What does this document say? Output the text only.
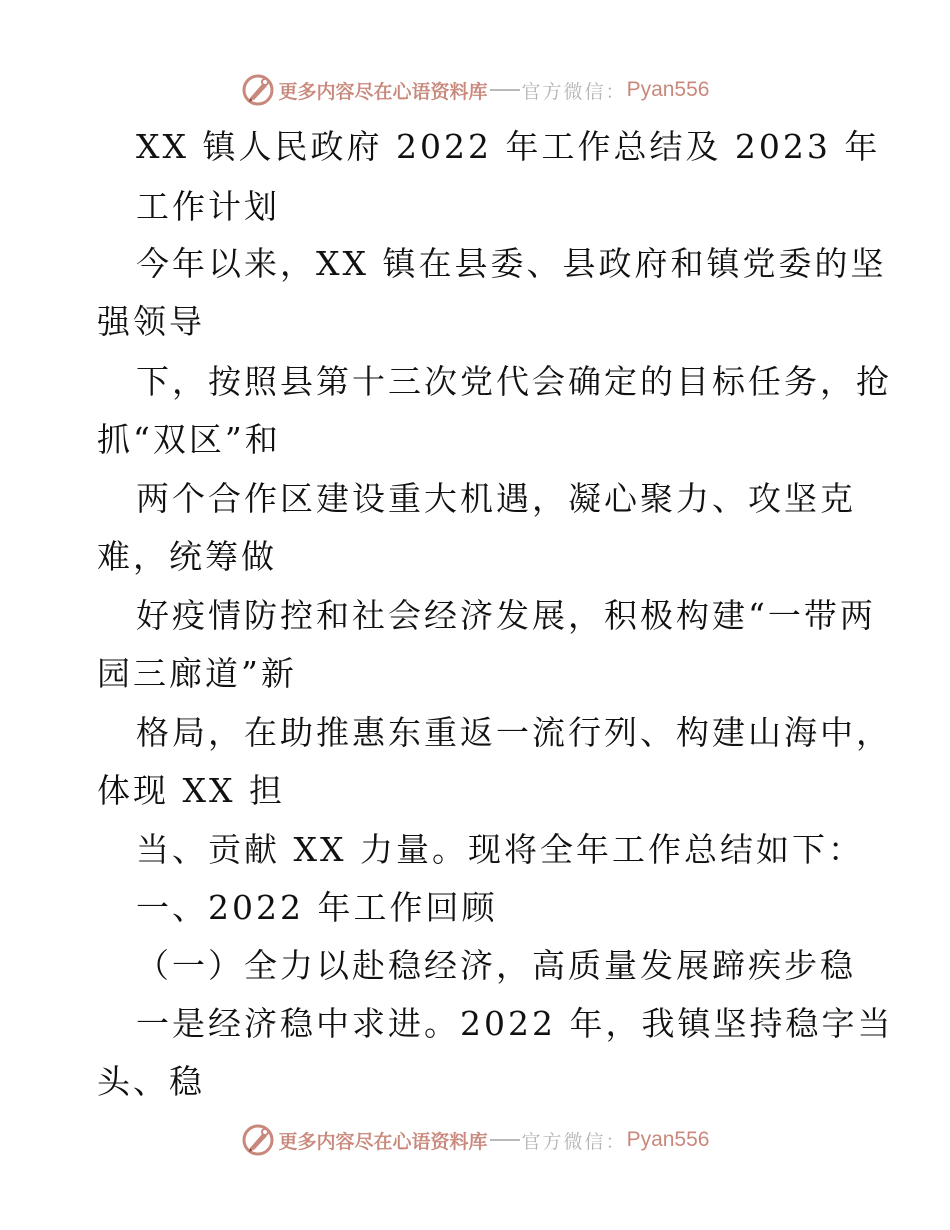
更多内容尽在心语资料库 官方微信： Pyan556
XX 镇人民政府 2022 年工作总结及 2023 年
工作计划
今年以来，XX 镇在县委、县政府和镇党委的坚
强领导
下，按照县第十三次党代会确定的目标任务，抢
抓“双区”和
两个合作区建设重大机遇，凝心聚力、攻坚克
难，统筹做
好疫情防控和社会经济发展，积极构建“一带两
园三廊道”新
格局，在助推惠东重返一流行列、构建山海中，
体现 XX 担
当、贡献 XX 力量。现将全年工作总结如下：
一、2022 年工作回顾
（一）全力以赴稳经济，高质量发展蹄疾步稳
一是经济稳中求进。2022 年，我镇坚持稳字当
头、稳
更多内容尽在心语资料库 官方微信： Pyan556
